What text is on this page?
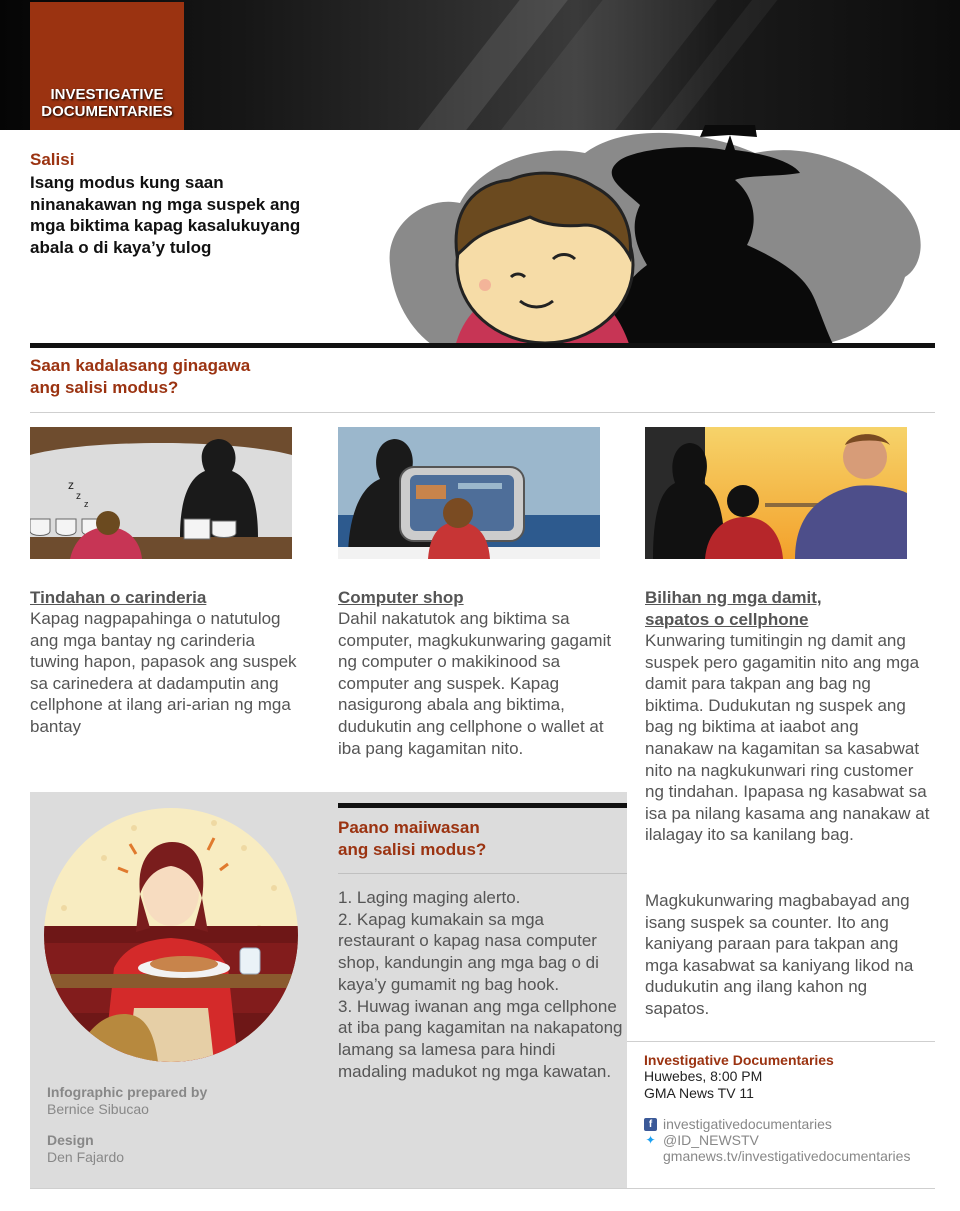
INVESTIGATIVE
DOCUMENTARIES
Salisi
Isang modus kung saan ninanakawan ng mga suspek ang mga biktima kapag kasalukuyang abala o di kaya’y tulog
Saan kadalasang ginagawa
ang salisi modus?
z
z
z
Tindahan o carinderia
Kapag nagpapahinga o natutulog ang mga bantay ng carinderia tuwing hapon, papasok ang suspek sa carinedera at dadamputin ang cellphone at ilang ari-arian ng mga bantay
Computer shop
Dahil nakatutok ang biktima sa computer, magkukunwaring gagamit ng computer o makikinood sa computer ang suspek. Kapag nasigurong abala ang biktima, dudukutin ang cellphone o wallet at iba pang kagamitan nito.
Bilihan ng mga damit,
sapatos o cellphone
Kunwaring tumitingin ng damit ang suspek pero gagamitin nito ang mga damit para takpan ang bag ng biktima. Dudukutan ng suspek ang bag ng biktima at iaabot ang nanakaw na kagamitan sa kasabwat nito na nagkukunwari ring customer ng tindahan. Ipapasa ng kasabwat sa isa pa nilang kasama ang nanakaw at ilalagay ito sa kanilang bag.
Magkukunwaring magbabayad ang isang suspek sa counter. Ito ang kaniyang paraan para takpan ang mga kasabwat sa kaniyang likod na dudukutin ang ilang kahon ng sapatos.
Paano maiiwasan
ang salisi modus?
1. Laging maging alerto.
2. Kapag kumakain sa mga restaurant o kapag nasa computer shop, kandungin ang mga bag o di kaya’y gumamit ng bag hook.
3. Huwag iwanan ang mga cellphone at iba pang kagamitan na nakapatong lamang sa lamesa para hindi madaling madukot ng mga kawatan.
Infographic prepared by
Bernice Sibucao
Design
Den Fajardo
Investigative Documentaries
Huwebes, 8:00 PM
GMA News TV 11
f investigativedocumentaries
✦ @ID_NEWSTV
gmanews.tv/investigativedocumentaries
